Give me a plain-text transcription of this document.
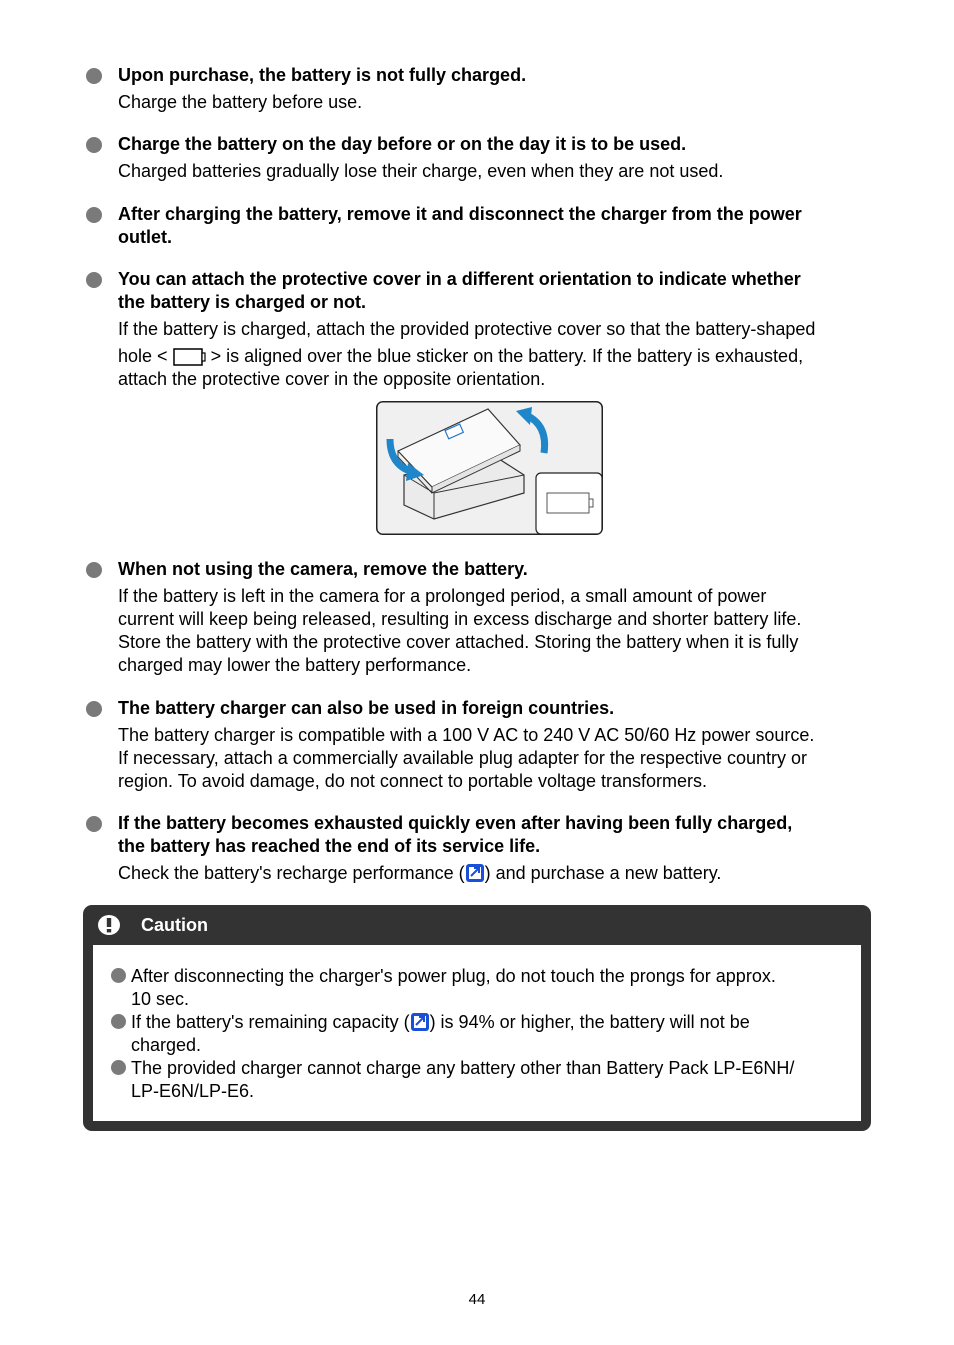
Upon purchase, the battery is not fully charged.
Charge the battery before use.
Charge the battery on the day before or on the day it is to be used.
Charged batteries gradually lose their charge, even when they are not used.
After charging the battery, remove it and disconnect the charger from the power
outlet.
You can attach the protective cover in a different orientation to indicate whether
the battery is charged or not.
If the battery is charged, attach the provided protective cover so that the battery-shaped
hole < > is aligned over the blue sticker on the battery. If the battery is exhausted,
attach the protective cover in the opposite orientation.
When not using the camera, remove the battery.
If the battery is left in the camera for a prolonged period, a small amount of power
current will keep being released, resulting in excess discharge and shorter battery life.
Store the battery with the protective cover attached. Storing the battery when it is fully
charged may lower the battery performance.
The battery charger can also be used in foreign countries.
The battery charger is compatible with a 100 V AC to 240 V AC 50/60 Hz power source.
If necessary, attach a commercially available plug adapter for the respective country or
region. To avoid damage, do not connect to portable voltage transformers.
If the battery becomes exhausted quickly even after having been fully charged,
the battery has reached the end of its service life.
Check the battery's recharge performance ( ) and purchase a new battery.
Caution
After disconnecting the charger's power plug, do not touch the prongs for approx.
10 sec.
If the battery's remaining capacity ( ) is 94% or higher, the battery will not be
charged.
The provided charger cannot charge any battery other than Battery Pack LP-E6NH/
LP-E6N/LP-E6.
44
